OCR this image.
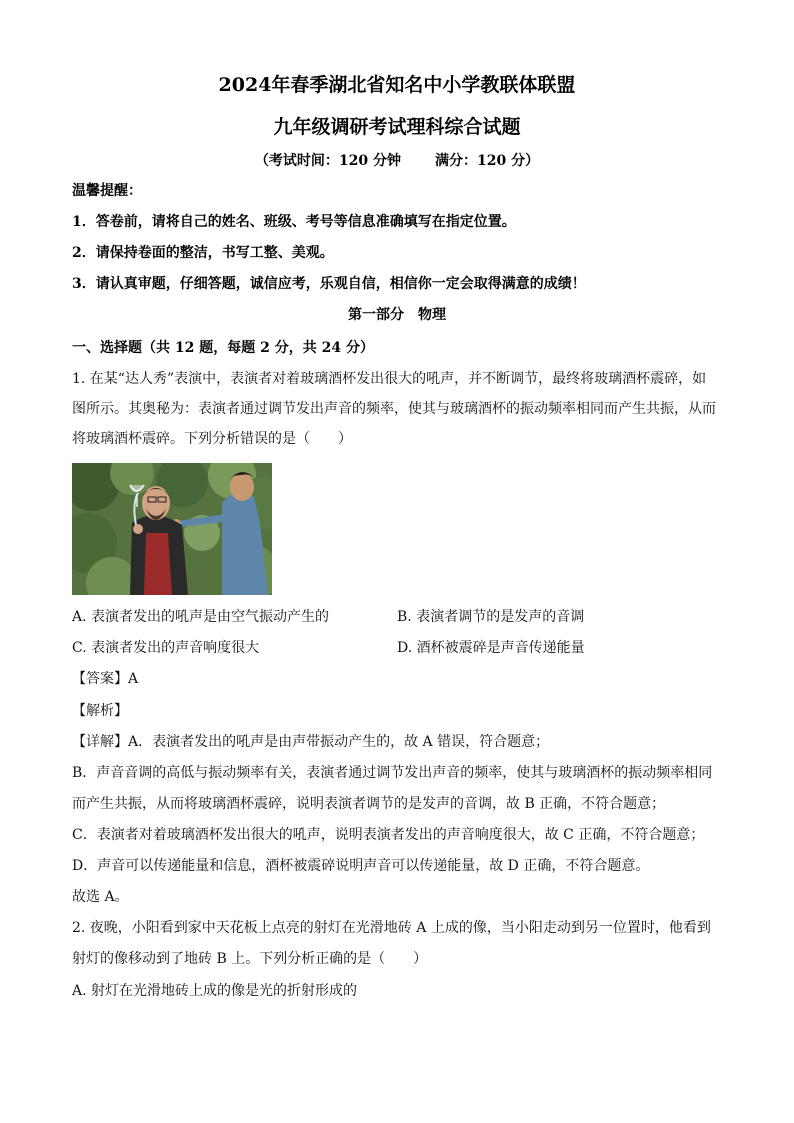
2024年春季湖北省知名中小学教联体联盟
九年级调研考试理科综合试题
（考试时间：120 分钟 满分：120 分）
温馨提醒：
1．答卷前，请将自己的姓名、班级、考号等信息准确填写在指定位置。
2．请保持卷面的整洁，书写工整、美观。
3．请认真审题，仔细答题，诚信应考，乐观自信，相信你一定会取得满意的成绩！
第一部分　物理
一、选择题（共 12 题，每题 2 分，共 24 分）
1. 在某“达人秀”表演中，表演者对着玻璃酒杯发出很大的吼声，并不断调节，最终将玻璃酒杯震碎，如
图所示。其奥秘为：表演者通过调节发出声音的频率，使其与玻璃酒杯的振动频率相同而产生共振，从而
将玻璃酒杯震碎。下列分析错误的是（　　）
A. 表演者发出的吼声是由空气振动产生的	B. 表演者调节的是发声的音调
C. 表演者发出的声音响度很大	D. 酒杯被震碎是声音传递能量
【答案】A
【解析】
【详解】A．表演者发出的吼声是由声带振动产生的，故 A 错误，符合题意；
B．声音音调的高低与振动频率有关，表演者通过调节发出声音的频率，使其与玻璃酒杯的振动频率相同
而产生共振，从而将玻璃酒杯震碎，说明表演者调节的是发声的音调，故 B 正确，不符合题意；
C．表演者对着玻璃酒杯发出很大的吼声，说明表演者发出的声音响度很大，故 C 正确，不符合题意；
D．声音可以传递能量和信息，酒杯被震碎说明声音可以传递能量，故 D 正确，不符合题意。
故选 A。
2. 夜晚，小阳看到家中天花板上点亮的射灯在光滑地砖 A 上成的像，当小阳走动到另一位置时，他看到
射灯的像移动到了地砖 B 上。下列分析正确的是（　　）
A. 射灯在光滑地砖上成的像是光的折射形成的
